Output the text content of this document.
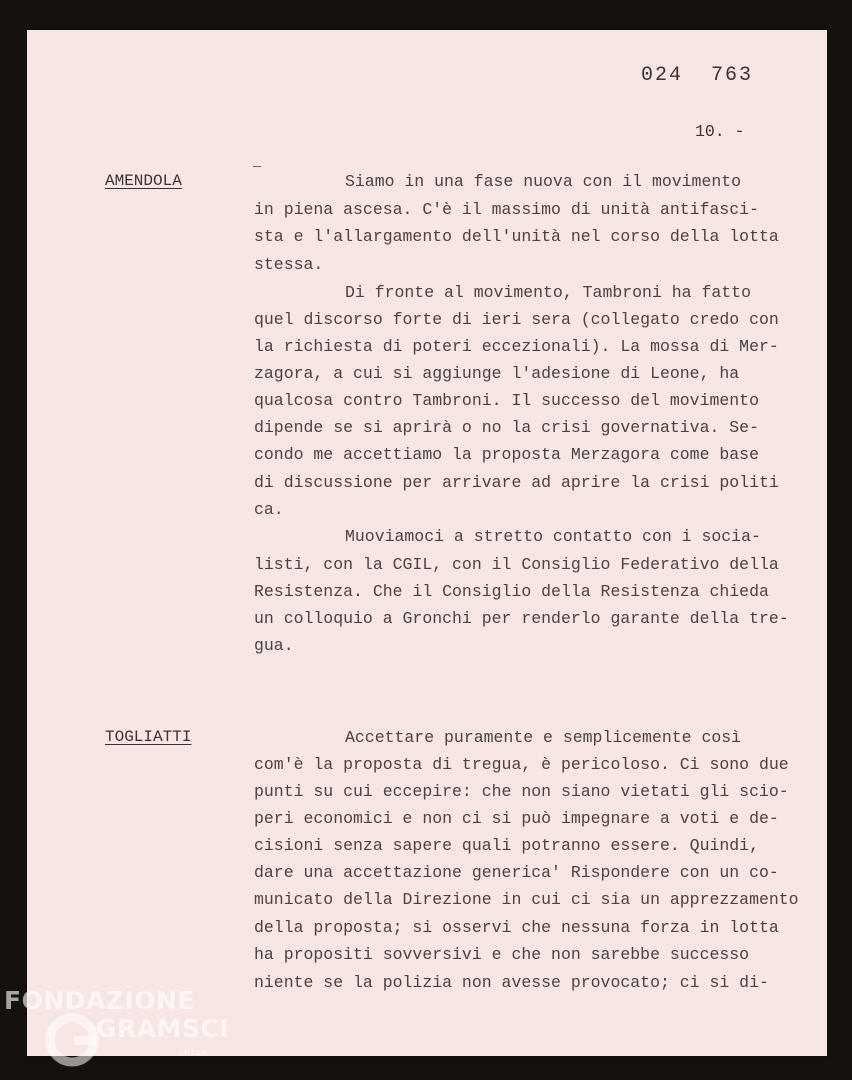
024  763
10. -
AMENDOLA	Siamo in una fase nuova con il movimento
in piena ascesa. C'è il massimo di unità antifasci-
sta e l'allargamento dell'unità nel corso della lotta
stessa.
Di fronte al movimento, Tambroni ha fatto
quel discorso forte di ieri sera (collegato credo con
la richiesta di poteri eccezionali). La mossa di Mer-
zagora, a cui si aggiunge l'adesione di Leone, ha
qualcosa contro Tambroni. Il successo del movimento
dipende se si aprirà o no la crisi governativa. Se-
condo me accettiamo la proposta Merzagora come base
di discussione per arrivare ad aprire la crisi politi
ca.
Muoviamoci a stretto contatto con i socia-
listi, con la CGIL, con il Consiglio Federativo della
Resistenza. Che il Consiglio della Resistenza chieda
un colloquio a Gronchi per renderlo garante della tre-
gua.
TOGLIATTI	Accettare puramente e semplicemente così
com'è la proposta di tregua, è pericoloso. Ci sono due
punti su cui eccepire: che non siano vietati gli scio-
peri economici e non ci si può impegnare a voti e de-
cisioni senza sapere quali potranno essere. Quindi,
dare una accettazione generica' Rispondere con un co-
municato della Direzione in cui ci sia un apprezzamento
della proposta; si osservi che nessuna forza in lotta
ha propositi sovversivi e che non sarebbe successo
niente se la polizia non avesse provocato; ci si di-
FONDAZIONE
GRAMSCI
onlus
